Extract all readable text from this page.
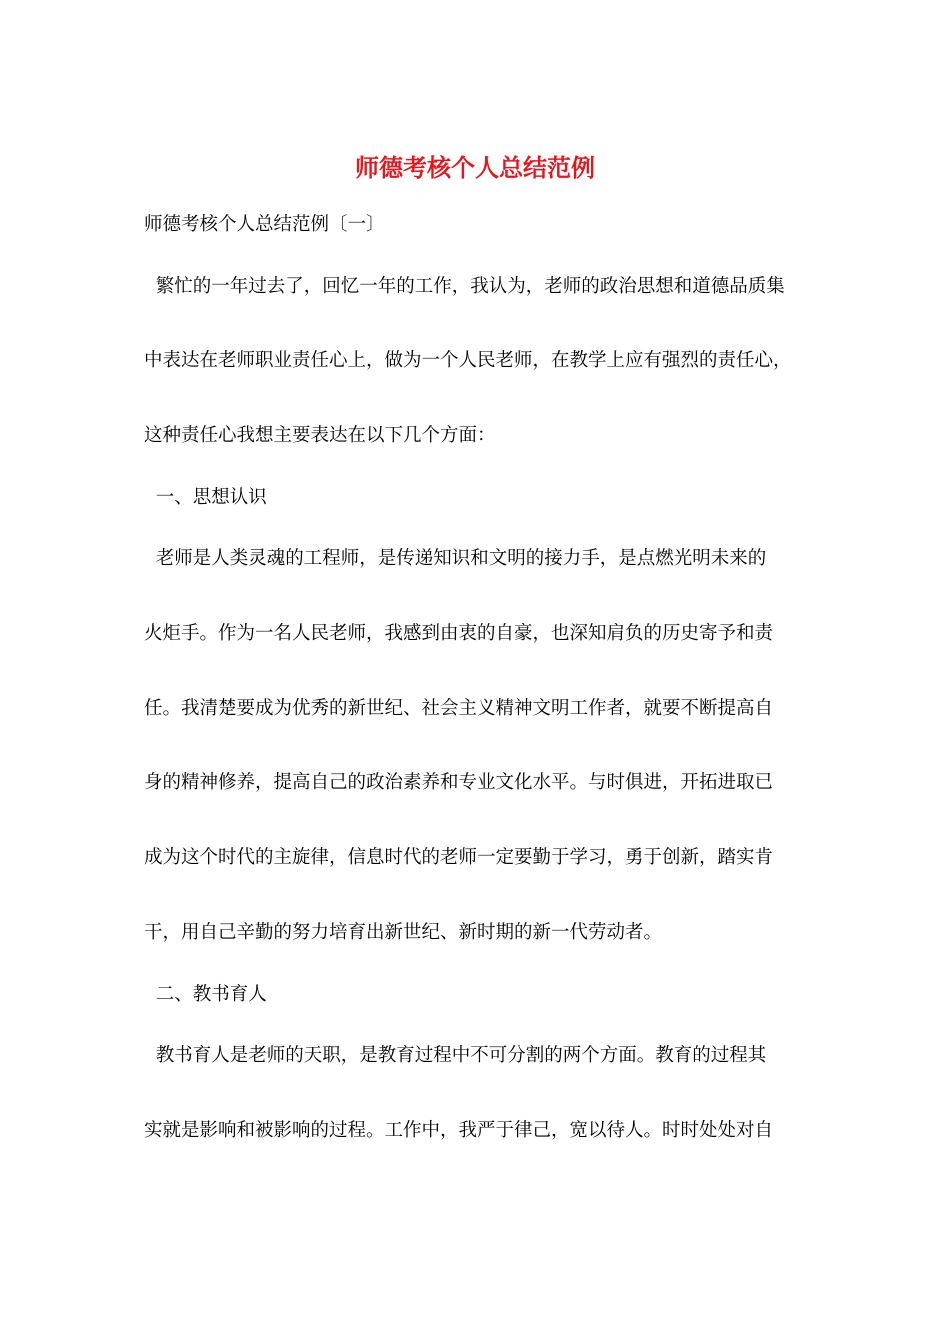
师德考核个人总结范例

师德考核个人总结范例〔一〕

繁忙的一年过去了，回忆一年的工作，我认为，老师的政治思想和道德品质集

中表达在老师职业责任心上，做为一个人民老师，在教学上应有强烈的责任心，

这种责任心我想主要表达在以下几个方面：

一、思想认识

老师是人类灵魂的工程师，是传递知识和文明的接力手，是点燃光明未来的

火炬手。作为一名人民老师，我感到由衷的自豪，也深知肩负的历史寄予和责

任。我清楚要成为优秀的新世纪、社会主义精神文明工作者，就要不断提高自

身的精神修养，提高自己的政治素养和专业文化水平。与时俱进，开拓进取已

成为这个时代的主旋律，信息时代的老师一定要勤于学习，勇于创新，踏实肯

干，用自己辛勤的努力培育出新世纪、新时期的新一代劳动者。

二、教书育人

教书育人是老师的天职，是教育过程中不可分割的两个方面。教育的过程其

实就是影响和被影响的过程。工作中，我严于律己，宽以待人。时时处处对自
